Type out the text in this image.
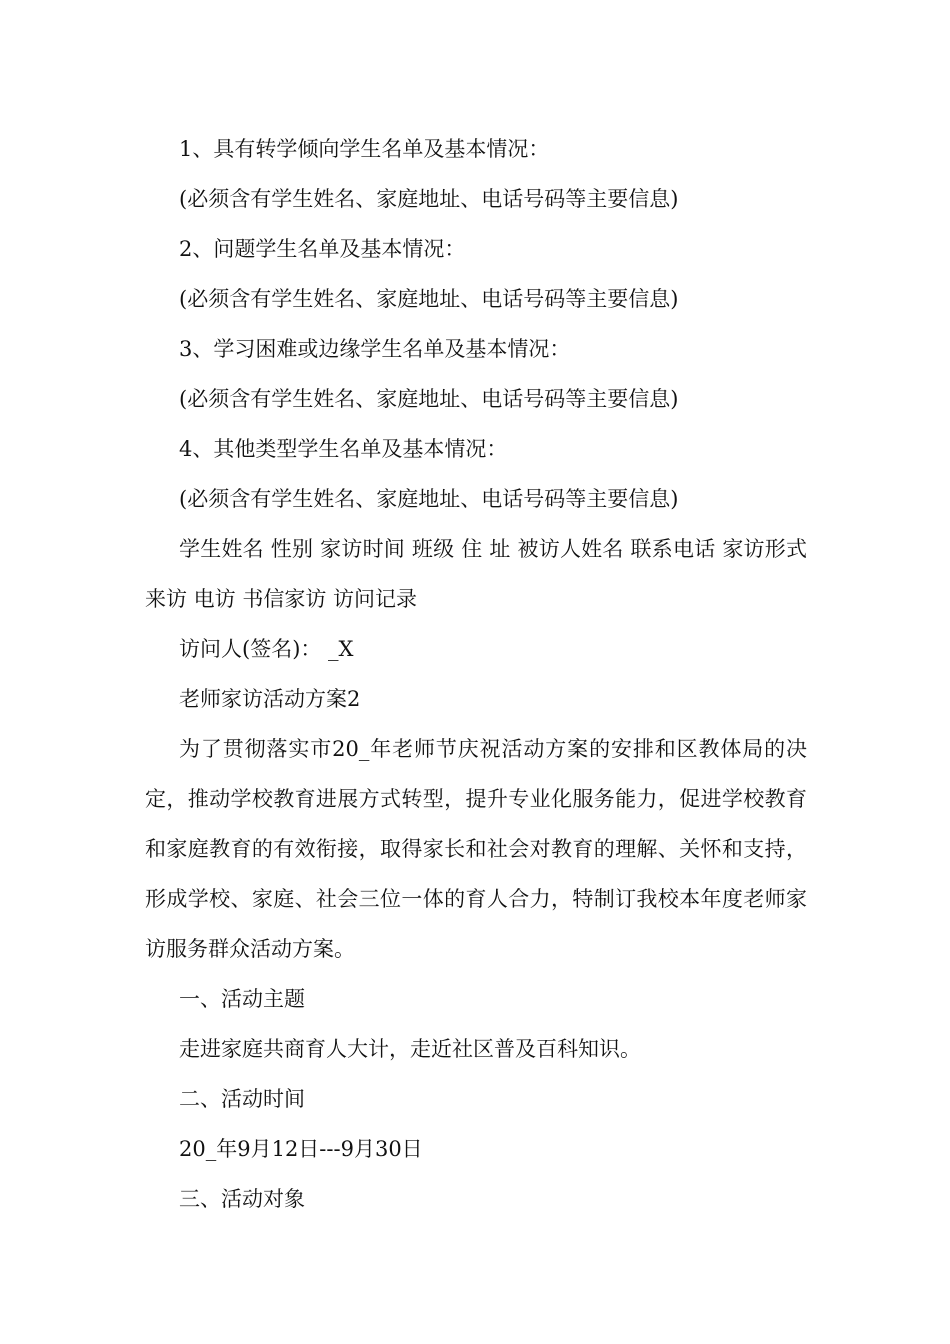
1、具有转学倾向学生名单及基本情况：

(必须含有学生姓名、家庭地址、电话号码等主要信息)

2、问题学生名单及基本情况：

(必须含有学生姓名、家庭地址、电话号码等主要信息)

3、学习困难或边缘学生名单及基本情况：

(必须含有学生姓名、家庭地址、电话号码等主要信息)

4、其他类型学生名单及基本情况：

(必须含有学生姓名、家庭地址、电话号码等主要信息)

学生姓名 性别 家访时间 班级 住 址 被访人姓名 联系电话 家访形式 来访 电访 书信家访 访问记录

访问人(签名)： _X

老师家访活动方案2

为了贯彻落实市20_年老师节庆祝活动方案的安排和区教体局的决定，推动学校教育进展方式转型，提升专业化服务能力，促进学校教育和家庭教育的有效衔接，取得家长和社会对教育的理解、关怀和支持，形成学校、家庭、社会三位一体的育人合力，特制订我校本年度老师家访服务群众活动方案。

一、活动主题

走进家庭共商育人大计，走近社区普及百科知识。

二、活动时间

20_年9月12日---9月30日

三、活动对象
